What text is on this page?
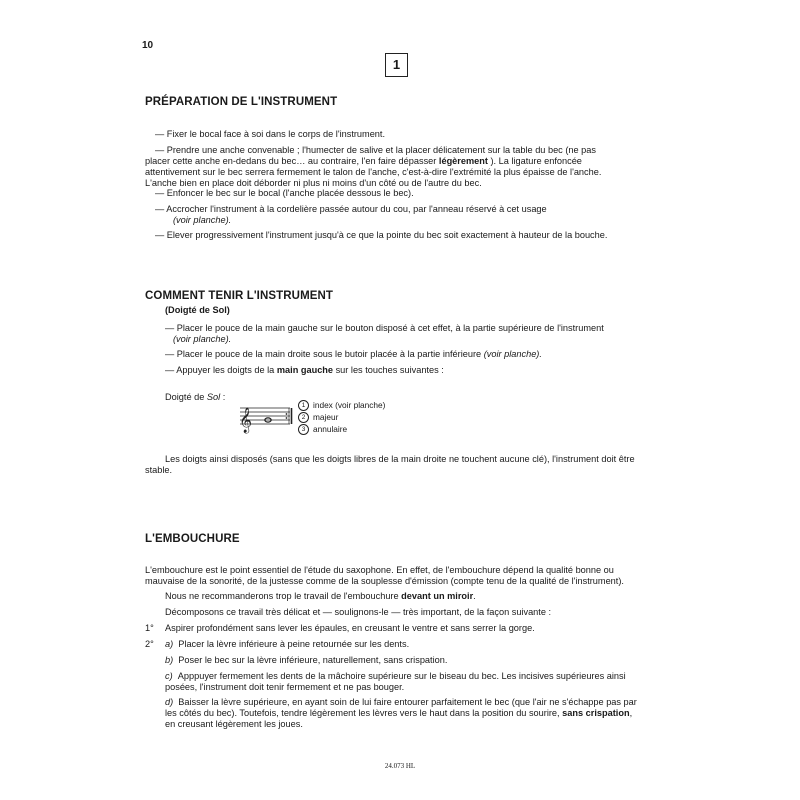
10
1
PRÉPARATION DE L'INSTRUMENT

— Fixer le bocal face à soi dans le corps de l'instrument.

— Prendre une anche convenable ; l'humecter de salive et la placer délicatement sur la table du bec (ne pas placer cette anche en-dedans du bec… au contraire, l'en faire dépasser légèrement ). La ligature enfoncée attentivement sur le bec serrera fermement le talon de l'anche, c'est-à-dire l'extrémité la plus épaisse de l'anche. L'anche bien en place doit déborder ni plus ni moins d'un côté ou de l'autre du bec.

— Enfoncer le bec sur le bocal (l'anche placée dessous le bec).

— Accrocher l'instrument à la cordelière passée autour du cou, par l'anneau réservé à cet usage
(voir planche).

— Elever progressivement l'instrument jusqu'à ce que la pointe du bec soit exactement à hauteur de la bouche.

COMMENT TENIR L'INSTRUMENT
(Doigté de Sol)

— Placer le pouce de la main gauche sur le bouton disposé à cet effet, à la partie supérieure de l'instrument
(voir planche).

— Placer le pouce de la main droite sous le butoir placée à la partie inférieure (voir planche).

— Appuyer les doigts de la main gauche sur les touches suivantes :

Doigté de Sol :
𝄞
1 index (voir planche)
2 majeur
3 annulaire

Les doigts ainsi disposés (sans que les doigts libres de la main droite ne touchent aucune clé), l'instrument doit être stable.

L'EMBOUCHURE

L'embouchure est le point essentiel de l'étude du saxophone. En effet, de l'embouchure dépend la qualité bonne ou mauvaise de la sonorité, de la justesse comme de la souplesse d'émission (compte tenu de la qualité de l'instrument).

Nous ne recommanderons trop le travail de l'embouchure devant un miroir.

Décomposons ce travail très délicat et — soulignons-le — très important, de la façon suivante :

1° Aspirer profondément sans lever les épaules, en creusant le ventre et sans serrer la gorge.

2° a) Placer la lèvre inférieure à peine retournée sur les dents.

b) Poser le bec sur la lèvre inférieure, naturellement, sans crispation.

c) Apppuyer fermement les dents de la mâchoire supérieure sur le biseau du bec. Les incisives supérieures ainsi posées, l'instrument doit tenir fermement et ne pas bouger.

d) Baisser la lèvre supérieure, en ayant soin de lui faire entourer parfaitement le bec (que l'air ne s'échappe pas par les côtés du bec). Toutefois, tendre légèrement les lèvres vers le haut dans la position du sourire, sans crispation, en creusant légèrement les joues.

24.073 HL
